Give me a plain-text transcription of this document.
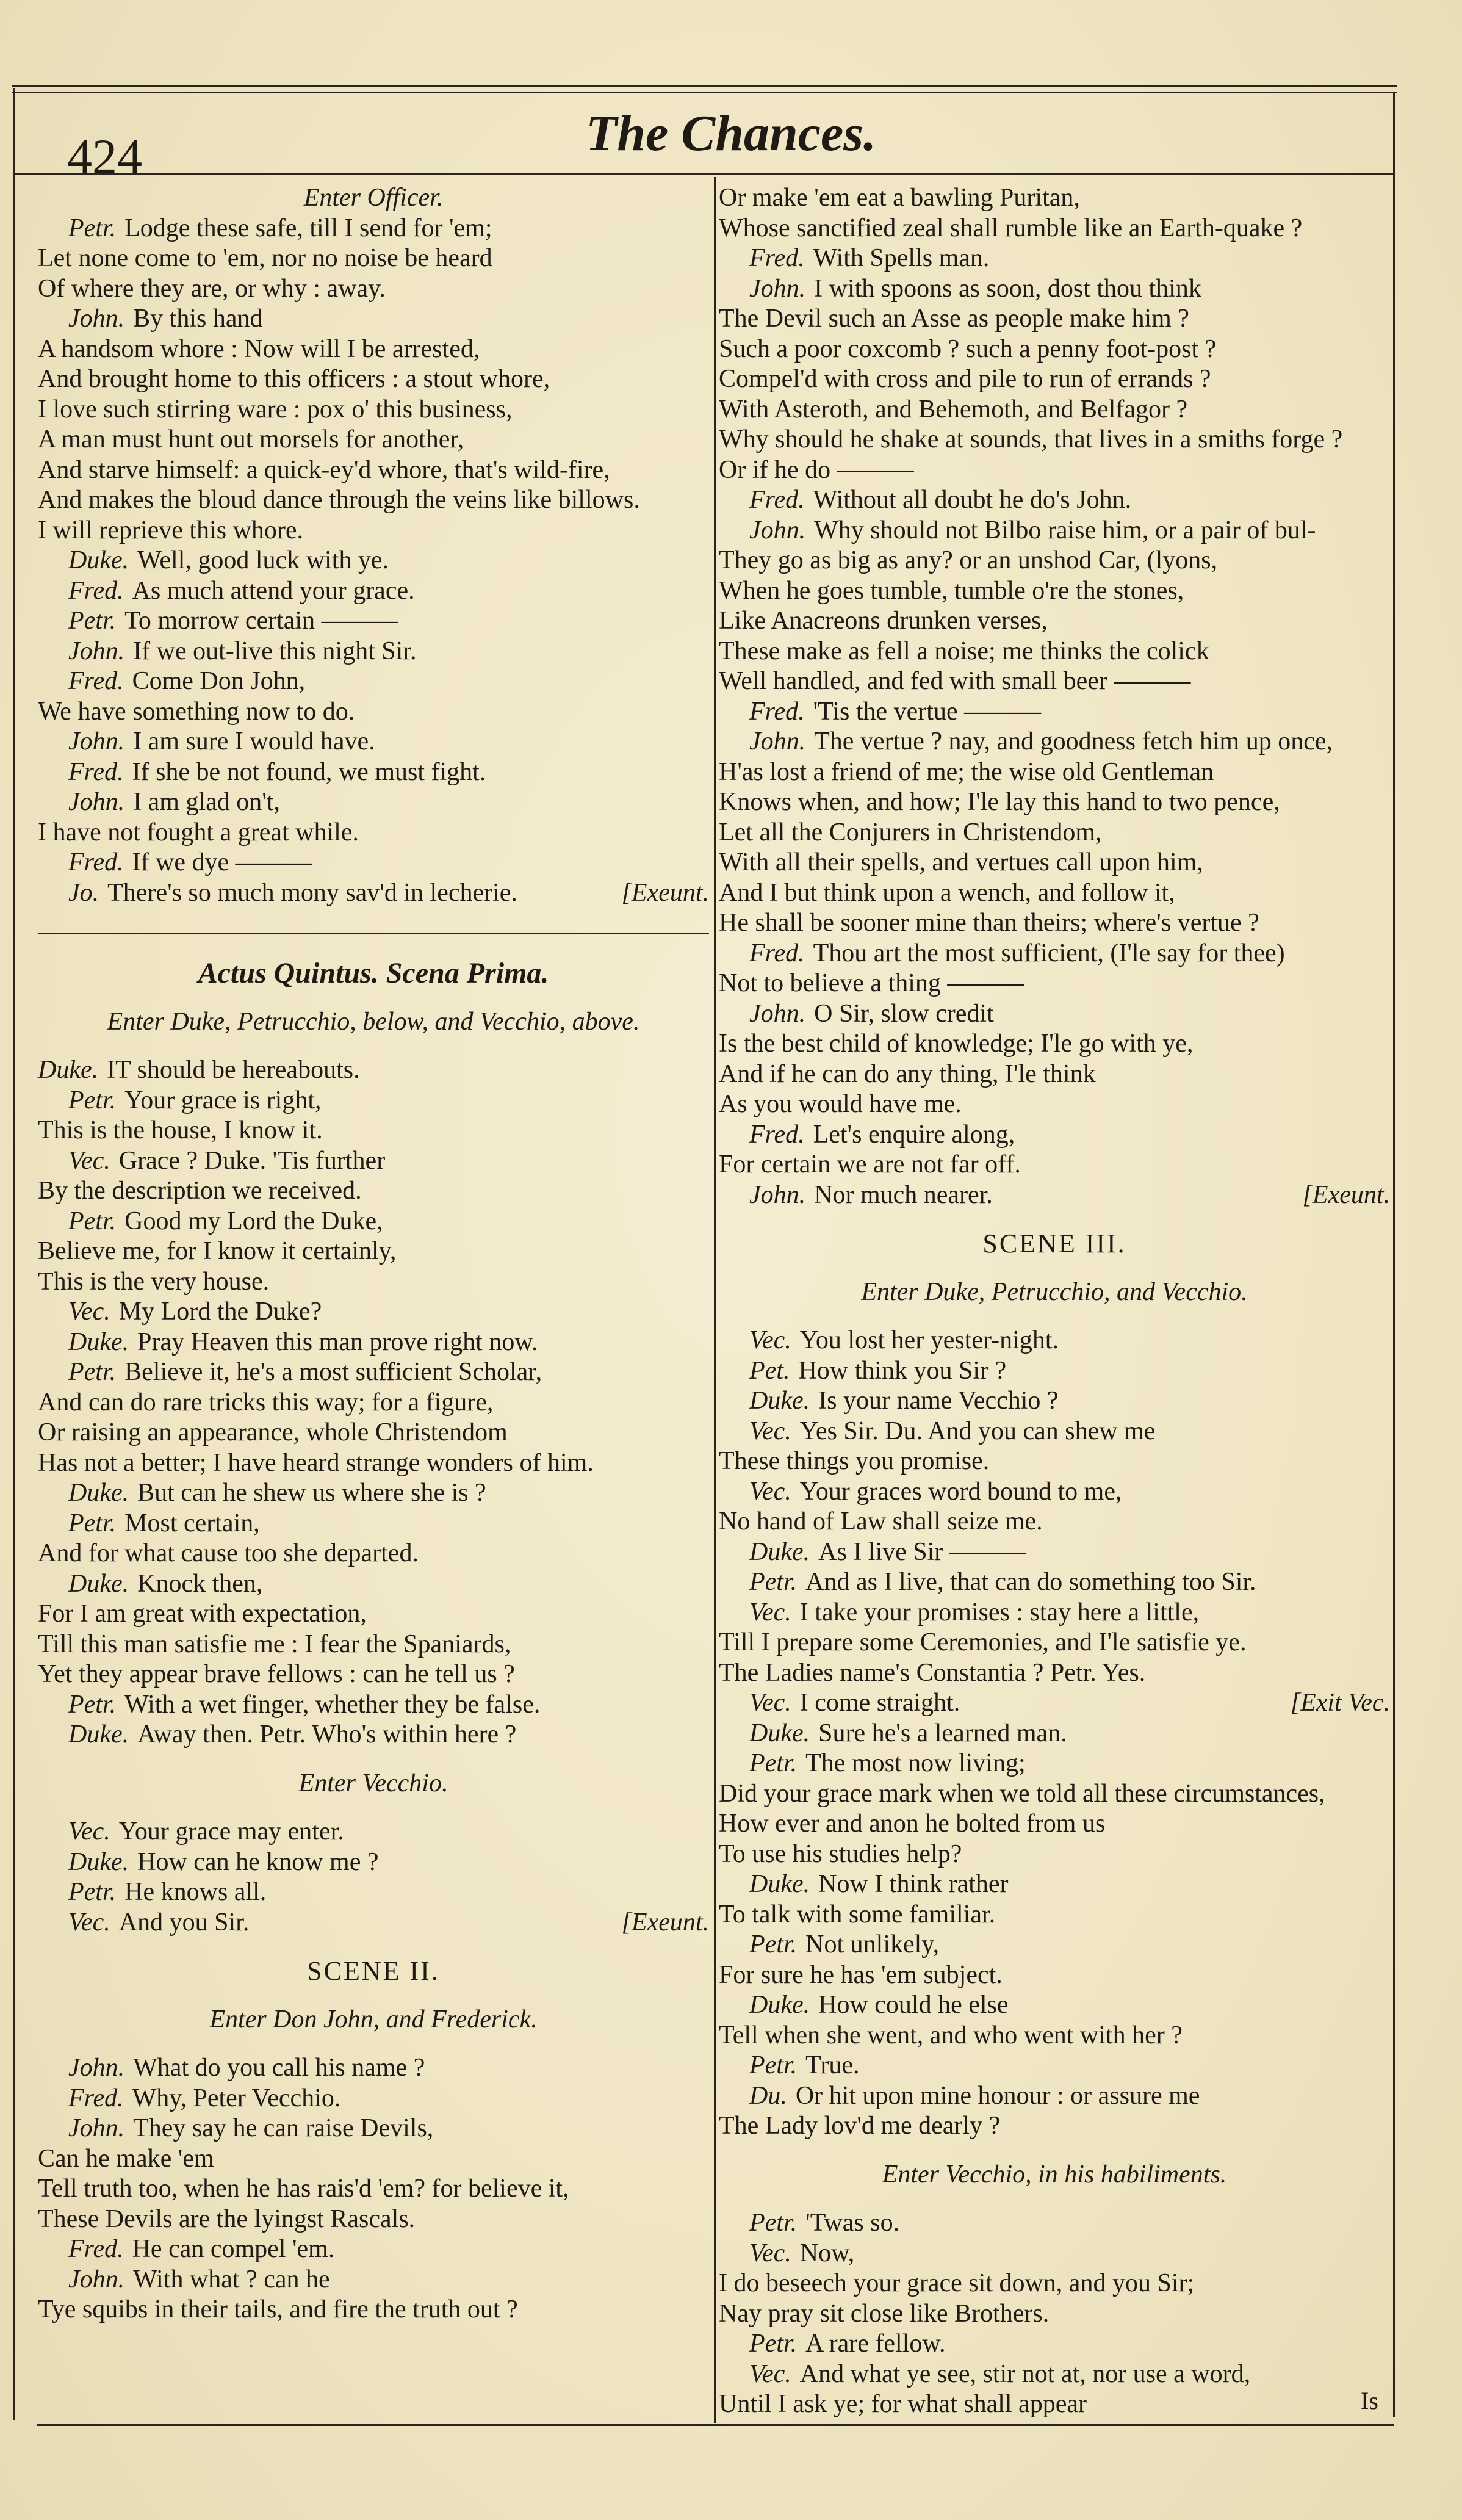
424	The Chances.
Enter Officer.
Petr. Lodge these safe, till I send for 'em;
Let none come to 'em, nor no noise be heard
Of where they are, or why : away.
John. By this hand
A handsom whore : Now will I be arrested,
And brought home to this officers : a stout whore,
I love such stirring ware : pox o' this business,
A man must hunt out morsels for another,
And starve himself: a quick-ey'd whore, that's wild-fire,
And makes the bloud dance through the veins like billows.
I will reprieve this whore.
Duke. Well, good luck with ye.
Fred. As much attend your grace.
Petr. To morrow certain ———
John. If we out-live this night Sir.
Fred. Come Don John,
We have something now to do.
John. I am sure I would have.
Fred. If she be not found, we must fight.
John. I am glad on't,
I have not fought a great while.
Fred. If we dye ———
Jo. There's so much mony sav'd in lecherie.	[Exeunt.
Actus Quintus. Scena Prima.
Enter Duke, Petrucchio, below, and Vecchio, above.
Duke. IT should be hereabouts.
Petr. Your grace is right,
This is the house, I know it.
Vec. Grace ? Duke. 'Tis further
By the description we received.
Petr. Good my Lord the Duke,
Believe me, for I know it certainly,
This is the very house.
Vec. My Lord the Duke?
Duke. Pray Heaven this man prove right now.
Petr. Believe it, he's a most sufficient Scholar,
And can do rare tricks this way; for a figure,
Or raising an appearance, whole Christendom
Has not a better; I have heard strange wonders of him.
Duke. But can he shew us where she is ?
Petr. Most certain,
And for what cause too she departed.
Duke. Knock then,
For I am great with expectation,
Till this man satisfie me : I fear the Spaniards,
Yet they appear brave fellows : can he tell us ?
Petr. With a wet finger, whether they be false.
Duke. Away then. Petr. Who's within here ?
Enter Vecchio.
Vec. Your grace may enter.
Duke. How can he know me ?
Petr. He knows all.
Vec. And you Sir.	[Exeunt.
SCENE II.
Enter Don John, and Frederick.
John. What do you call his name ?
Fred. Why, Peter Vecchio.
John. They say he can raise Devils,
Can he make 'em
Tell truth too, when he has rais'd 'em? for believe it,
These Devils are the lyingst Rascals.
Fred. He can compel 'em.
John. With what ? can he
Tye squibs in their tails, and fire the truth out ?
Or make 'em eat a bawling Puritan,
Whose sanctified zeal shall rumble like an Earth-quake ?
Fred. With Spells man.
John. I with spoons as soon, dost thou think
The Devil such an Asse as people make him ?
Such a poor coxcomb ? such a penny foot-post ?
Compel'd with cross and pile to run of errands ?
With Asteroth, and Behemoth, and Belfagor ?
Why should he shake at sounds, that lives in a smiths forge ?
Or if he do ———
Fred. Without all doubt he do's John.
John. Why should not Bilbo raise him, or a pair of bul-
They go as big as any? or an unshod Car, (lyons,
When he goes tumble, tumble o're the stones,
Like Anacreons drunken verses,
These make as fell a noise; me thinks the colick
Well handled, and fed with small beer ———
Fred. 'Tis the vertue ———
John. The vertue ? nay, and goodness fetch him up once,
H'as lost a friend of me; the wise old Gentleman
Knows when, and how; I'le lay this hand to two pence,
Let all the Conjurers in Christendom,
With all their spells, and vertues call upon him,
And I but think upon a wench, and follow it,
He shall be sooner mine than theirs; where's vertue ?
Fred. Thou art the most sufficient, (I'le say for thee)
Not to believe a thing ———
John. O Sir, slow credit
Is the best child of knowledge; I'le go with ye,
And if he can do any thing, I'le think
As you would have me.
Fred. Let's enquire along,
For certain we are not far off.
John. Nor much nearer.	[Exeunt.
SCENE III.
Enter Duke, Petrucchio, and Vecchio.
Vec. You lost her yester-night.
Pet. How think you Sir ?
Duke. Is your name Vecchio ?
Vec. Yes Sir. Du. And you can shew me
These things you promise.
Vec. Your graces word bound to me,
No hand of Law shall seize me.
Duke. As I live Sir ———
Petr. And as I live, that can do something too Sir.
Vec. I take your promises : stay here a little,
Till I prepare some Ceremonies, and I'le satisfie ye.
The Ladies name's Constantia ? Petr. Yes.
Vec. I come straight.	[Exit Vec.
Duke. Sure he's a learned man.
Petr. The most now living;
Did your grace mark when we told all these circumstances,
How ever and anon he bolted from us
To use his studies help?
Duke. Now I think rather
To talk with some familiar.
Petr. Not unlikely,
For sure he has 'em subject.
Duke. How could he else
Tell when she went, and who went with her ?
Petr. True.
Du. Or hit upon mine honour : or assure me
The Lady lov'd me dearly ?
Enter Vecchio, in his habiliments.
Petr. 'Twas so.
Vec. Now,
I do beseech your grace sit down, and you Sir;
Nay pray sit close like Brothers.
Petr. A rare fellow.
Vec. And what ye see, stir not at, nor use a word,
Until I ask ye; for what shall appear	Is
